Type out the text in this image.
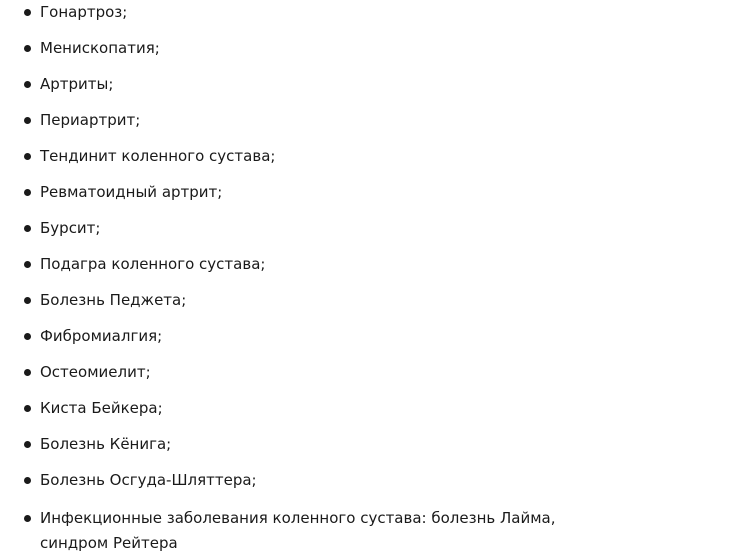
Гонартроз;
Менископатия;
Артриты;
Периартрит;
Тендинит коленного сустава;
Ревматоидный артрит;
Бурсит;
Подагра коленного сустава;
Болезнь Педжета;
Фибромиалгия;
Остеомиелит;
Киста Бейкера;
Болезнь Кёнига;
Болезнь Осгуда-Шляттера;
Инфекционные заболевания коленного сустава: болезнь Лайма, синдром Рейтера
